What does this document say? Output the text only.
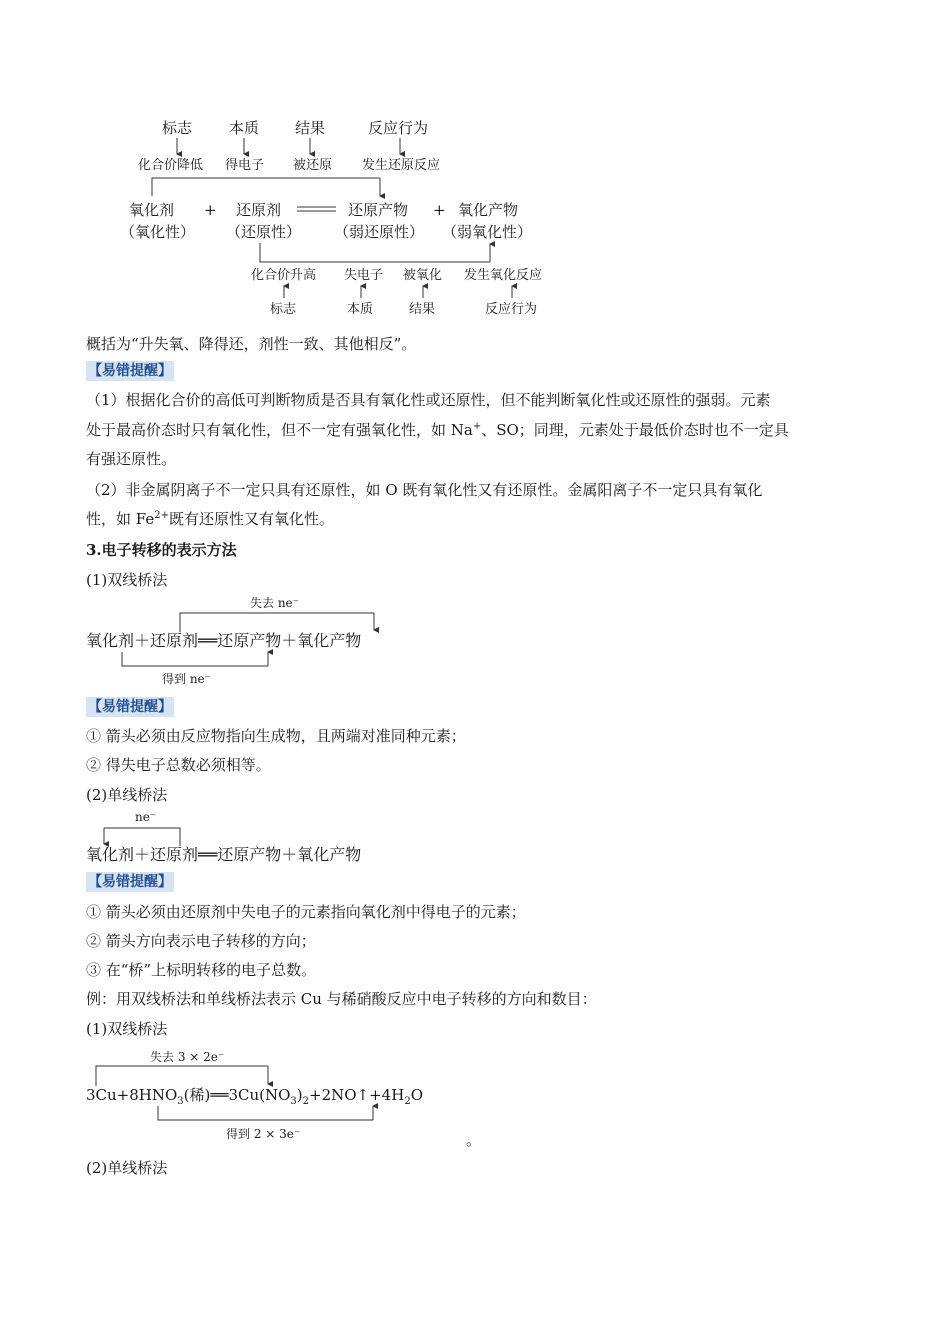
标志 本质 结果	反应行为
化合价降低 得电子 被还原 发生还原反应
氧化剂 + 还原剂	还原产物 + 氧化产物
（氧化性） （还原性） （弱还原性） （弱氧化性）
化合价升高 失电子 被氧化 发生氧化反应
标志	本质	结果	反应行为
概括为“升失氧、降得还，剂性一致、其他相反”。
【易错提醒】
（1）根据化合价的高低可判断物质是否具有氧化性或还原性，但不能判断氧化性或还原性的强弱。元素
处于最高价态时只有氧化性，但不一定有强氧化性，如 Na+、SO；同理，元素处于最低价态时也不一定具
有强还原性。
（2）非金属阴离子不一定只具有还原性，如 O 既有氧化性又有还原性。金属阳离子不一定只具有氧化
性，如 $Fe^{2+}$既有还原性又有氧化性。
3.电子转移的表示方法
(1)双线桥法
失去 ne⁻
氧化剂＋还原剂══还原产物＋氧化产物
得到 ne⁻
【易错提醒】
① 箭头必须由反应物指向生成物，且两端对准同种元素；
② 得失电子总数必须相等。
(2)单线桥法
ne⁻
氧化剂＋还原剂══还原产物＋氧化产物
【易错提醒】
① 箭头必须由还原剂中失电子的元素指向氧化剂中得电子的元素；
② 箭头方向表示电子转移的方向；
③ 在“桥”上标明转移的电子总数。
例：用双线桥法和单线桥法表示 Cu 与稀硝酸反应中电子转移的方向和数目：
(1)双线桥法
失去 3 × 2e⁻
$3Cu+8HNO_3$(稀)$══3Cu(NO_3)_2+2NO↑+4H_2O$
得到 2 × 3e⁻	。
(2)单线桥法
